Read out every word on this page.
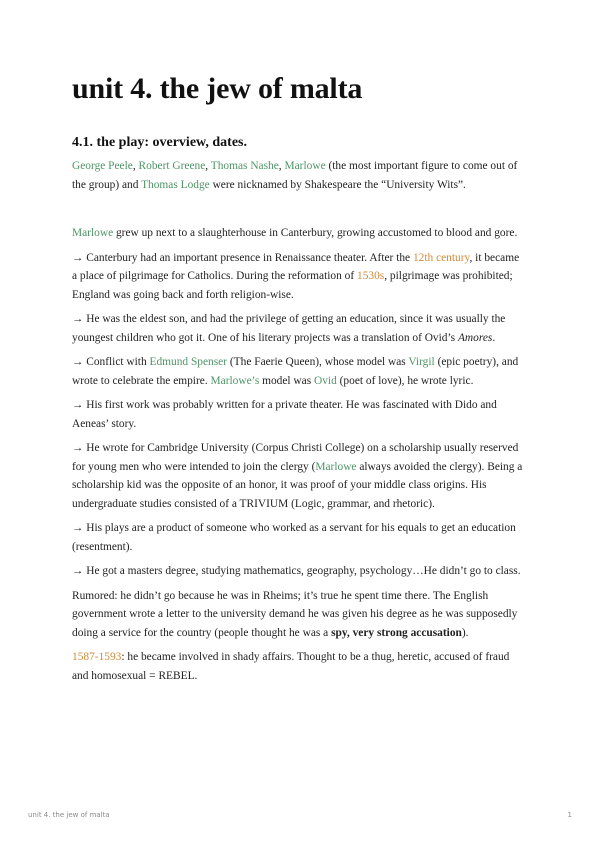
unit 4. the jew of malta
4.1. the play: overview, dates.

George Peele, Robert Greene, Thomas Nashe, Marlowe (the most important figure to come out of the group) and Thomas Lodge were nicknamed by Shakespeare the “University Wits”.

Marlowe grew up next to a slaughterhouse in Canterbury, growing accustomed to blood and gore.

→ Canterbury had an important presence in Renaissance theater. After the 12th century, it became a place of pilgrimage for Catholics. During the reformation of 1530s, pilgrimage was prohibited; England was going back and forth religion-wise.

→ He was the eldest son, and had the privilege of getting an education, since it was usually the youngest children who got it. One of his literary projects was a translation of Ovid’s Amores.

→ Conflict with Edmund Spenser (The Faerie Queen), whose model was Virgil (epic poetry), and wrote to celebrate the empire. Marlowe’s model was Ovid (poet of love), he wrote lyric.

→ His first work was probably written for a private theater. He was fascinated with Dido and Aeneas’ story.

→ He wrote for Cambridge University (Corpus Christi College) on a scholarship usually reserved for young men who were intended to join the clergy (Marlowe always avoided the clergy). Being a scholarship kid was the opposite of an honor, it was proof of your middle class origins. His undergraduate studies consisted of a TRIVIUM (Logic, grammar, and rhetoric).

→ His plays are a product of someone who worked as a servant for his equals to get an education (resentment).

→ He got a masters degree, studying mathematics, geography, psychology…He didn’t go to class.

Rumored: he didn’t go because he was in Rheims; it’s true he spent time there. The English government wrote a letter to the university demand he was given his degree as he was supposedly doing a service for the country (people thought he was a spy, very strong accusation).

1587-1593: he became involved in shady affairs. Thought to be a thug, heretic, accused of fraud and homosexual = REBEL.

unit 4. the jew of malta	1
